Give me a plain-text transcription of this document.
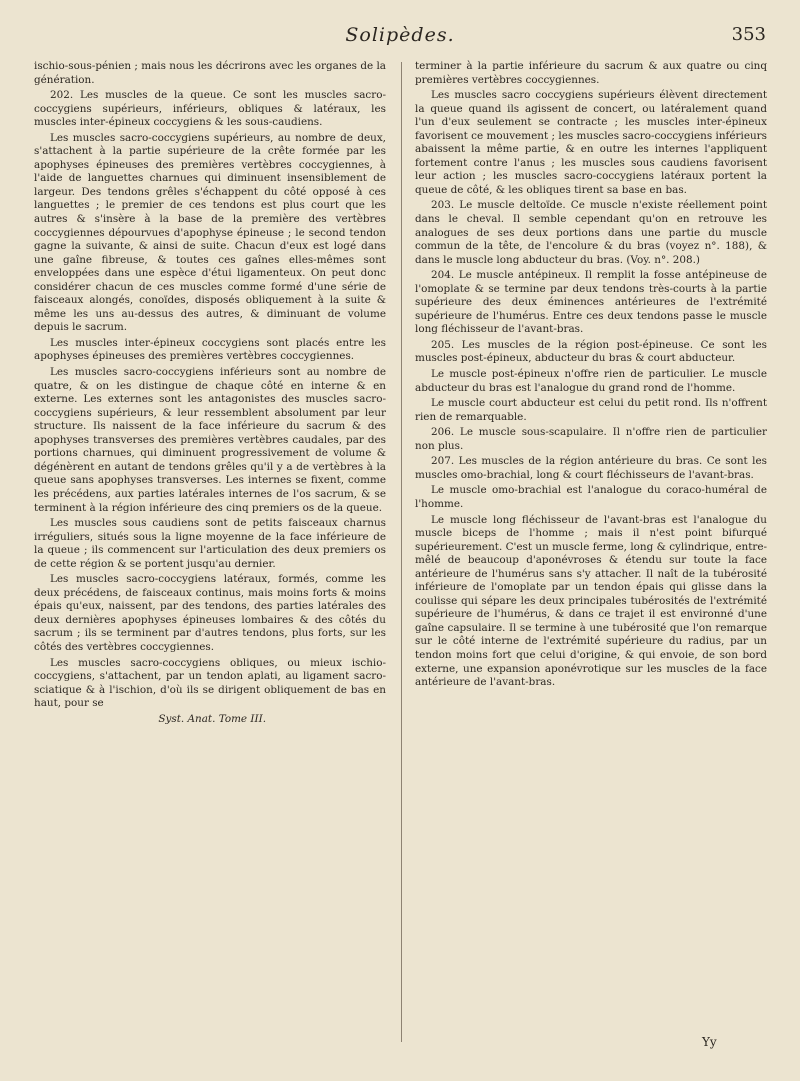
Solipèdes.	353

ischio-sous-pénien ; mais nous les décrirons avec les organes de la génération.

202. Les muscles de la queue. Ce sont les muscles sacro-coccygiens supérieurs, inférieurs, obliques & latéraux, les muscles inter-épineux coccygiens & les sous-caudiens.

Les muscles sacro-coccygiens supérieurs, au nombre de deux, s'attachent à la partie supérieure de la crête formée par les apophyses épineuses des premières vertèbres coccygiennes, à l'aide de languettes charnues qui diminuent insensiblement de largeur. Des tendons grêles s'échappent du côté opposé à ces languettes ; le premier de ces tendons est plus court que les autres & s'insère à la base de la première des vertèbres coccygiennes dépourvues d'apophyse épineuse ; le second tendon gagne la suivante, & ainsi de suite. Chacun d'eux est logé dans une gaîne fibreuse, & toutes ces gaînes elles-mêmes sont enveloppées dans une espèce d'étui ligamenteux. On peut donc considérer chacun de ces muscles comme formé d'une série de faisceaux alongés, conoïdes, disposés obliquement à la suite & même les uns au-dessus des autres, & diminuant de volume depuis le sacrum.

Les muscles inter-épineux coccygiens sont placés entre les apophyses épineuses des premières vertèbres coccygiennes.

Les muscles sacro-coccygiens inférieurs sont au nombre de quatre, & on les distingue de chaque côté en interne & en externe. Les externes sont les antagonistes des muscles sacro-coccygiens supérieurs, & leur ressemblent absolument par leur structure. Ils naissent de la face inférieure du sacrum & des apophyses transverses des premières vertèbres caudales, par des portions charnues, qui diminuent progressivement de volume & dégénèrent en autant de tendons grêles qu'il y a de vertèbres à la queue sans apophyses transverses. Les internes se fixent, comme les précédens, aux parties latérales internes de l'os sacrum, & se terminent à la région inférieure des cinq premiers os de la queue.

Les muscles sous caudiens sont de petits faisceaux charnus irréguliers, situés sous la ligne moyenne de la face inférieure de la queue ; ils commencent sur l'articulation des deux premiers os de cette région & se portent jusqu'au dernier.

Les muscles sacro-coccygiens latéraux, formés, comme les deux précédens, de faisceaux continus, mais moins forts & moins épais qu'eux, naissent, par des tendons, des parties latérales des deux dernières apophyses épineuses lombaires & des côtés du sacrum ; ils se terminent par d'autres tendons, plus forts, sur les côtés des vertèbres coccygiennes.

Les muscles sacro-coccygiens obliques, ou mieux ischio-coccygiens, s'attachent, par un tendon aplati, au ligament sacro-sciatique & à l'ischion, d'où ils se dirigent obliquement de bas en haut, pour se

Syst. Anat. Tome III.

terminer à la partie inférieure du sacrum & aux quatre ou cinq premières vertèbres coccygiennes.

Les muscles sacro coccygiens supérieurs élèvent directement la queue quand ils agissent de concert, ou latéralement quand l'un d'eux seulement se contracte ; les muscles inter-épineux favorisent ce mouvement ; les muscles sacro-coccygiens inférieurs abaissent la même partie, & en outre les internes l'appliquent fortement contre l'anus ; les muscles sous caudiens favorisent leur action ; les muscles sacro-coccygiens latéraux portent la queue de côté, & les obliques tirent sa base en bas.

203. Le muscle deltoïde. Ce muscle n'existe réellement point dans le cheval. Il semble cependant qu'on en retrouve les analogues de ses deux portions dans une partie du muscle commun de la tête, de l'encolure & du bras (voyez n°. 188), & dans le muscle long abducteur du bras. (Voy. n°. 208.)

204. Le muscle antépineux. Il remplit la fosse antépineuse de l'omoplate & se termine par deux tendons très-courts à la partie supérieure des deux éminences antérieures de l'extrémité supérieure de l'humérus. Entre ces deux tendons passe le muscle long fléchisseur de l'avant-bras.

205. Les muscles de la région post-épineuse. Ce sont les muscles post-épineux, abducteur du bras & court abducteur.

Le muscle post-épineux n'offre rien de particulier. Le muscle abducteur du bras est l'analogue du grand rond de l'homme.

Le muscle court abducteur est celui du petit rond. Ils n'offrent rien de remarquable.

206. Le muscle sous-scapulaire. Il n'offre rien de particulier non plus.

207. Les muscles de la région antérieure du bras. Ce sont les muscles omo-brachial, long & court fléchisseurs de l'avant-bras.

Le muscle omo-brachial est l'analogue du coraco-huméral de l'homme.

Le muscle long fléchisseur de l'avant-bras est l'analogue du muscle biceps de l'homme ; mais il n'est point bifurqué supérieurement. C'est un muscle ferme, long & cylindrique, entre-mêlé de beaucoup d'aponévroses & étendu sur toute la face antérieure de l'humérus sans s'y attacher. Il naît de la tubérosité inférieure de l'omoplate par un tendon épais qui glisse dans la coulisse qui sépare les deux principales tubérosités de l'extrémité supérieure de l'humérus, & dans ce trajet il est environné d'une gaîne capsulaire. Il se termine à une tubérosité que l'on remarque sur le côté interne de l'extrémité supérieure du radius, par un tendon moins fort que celui d'origine, & qui envoie, de son bord externe, une expansion aponévrotique sur les muscles de la face antérieure de l'avant-bras.

Yy
